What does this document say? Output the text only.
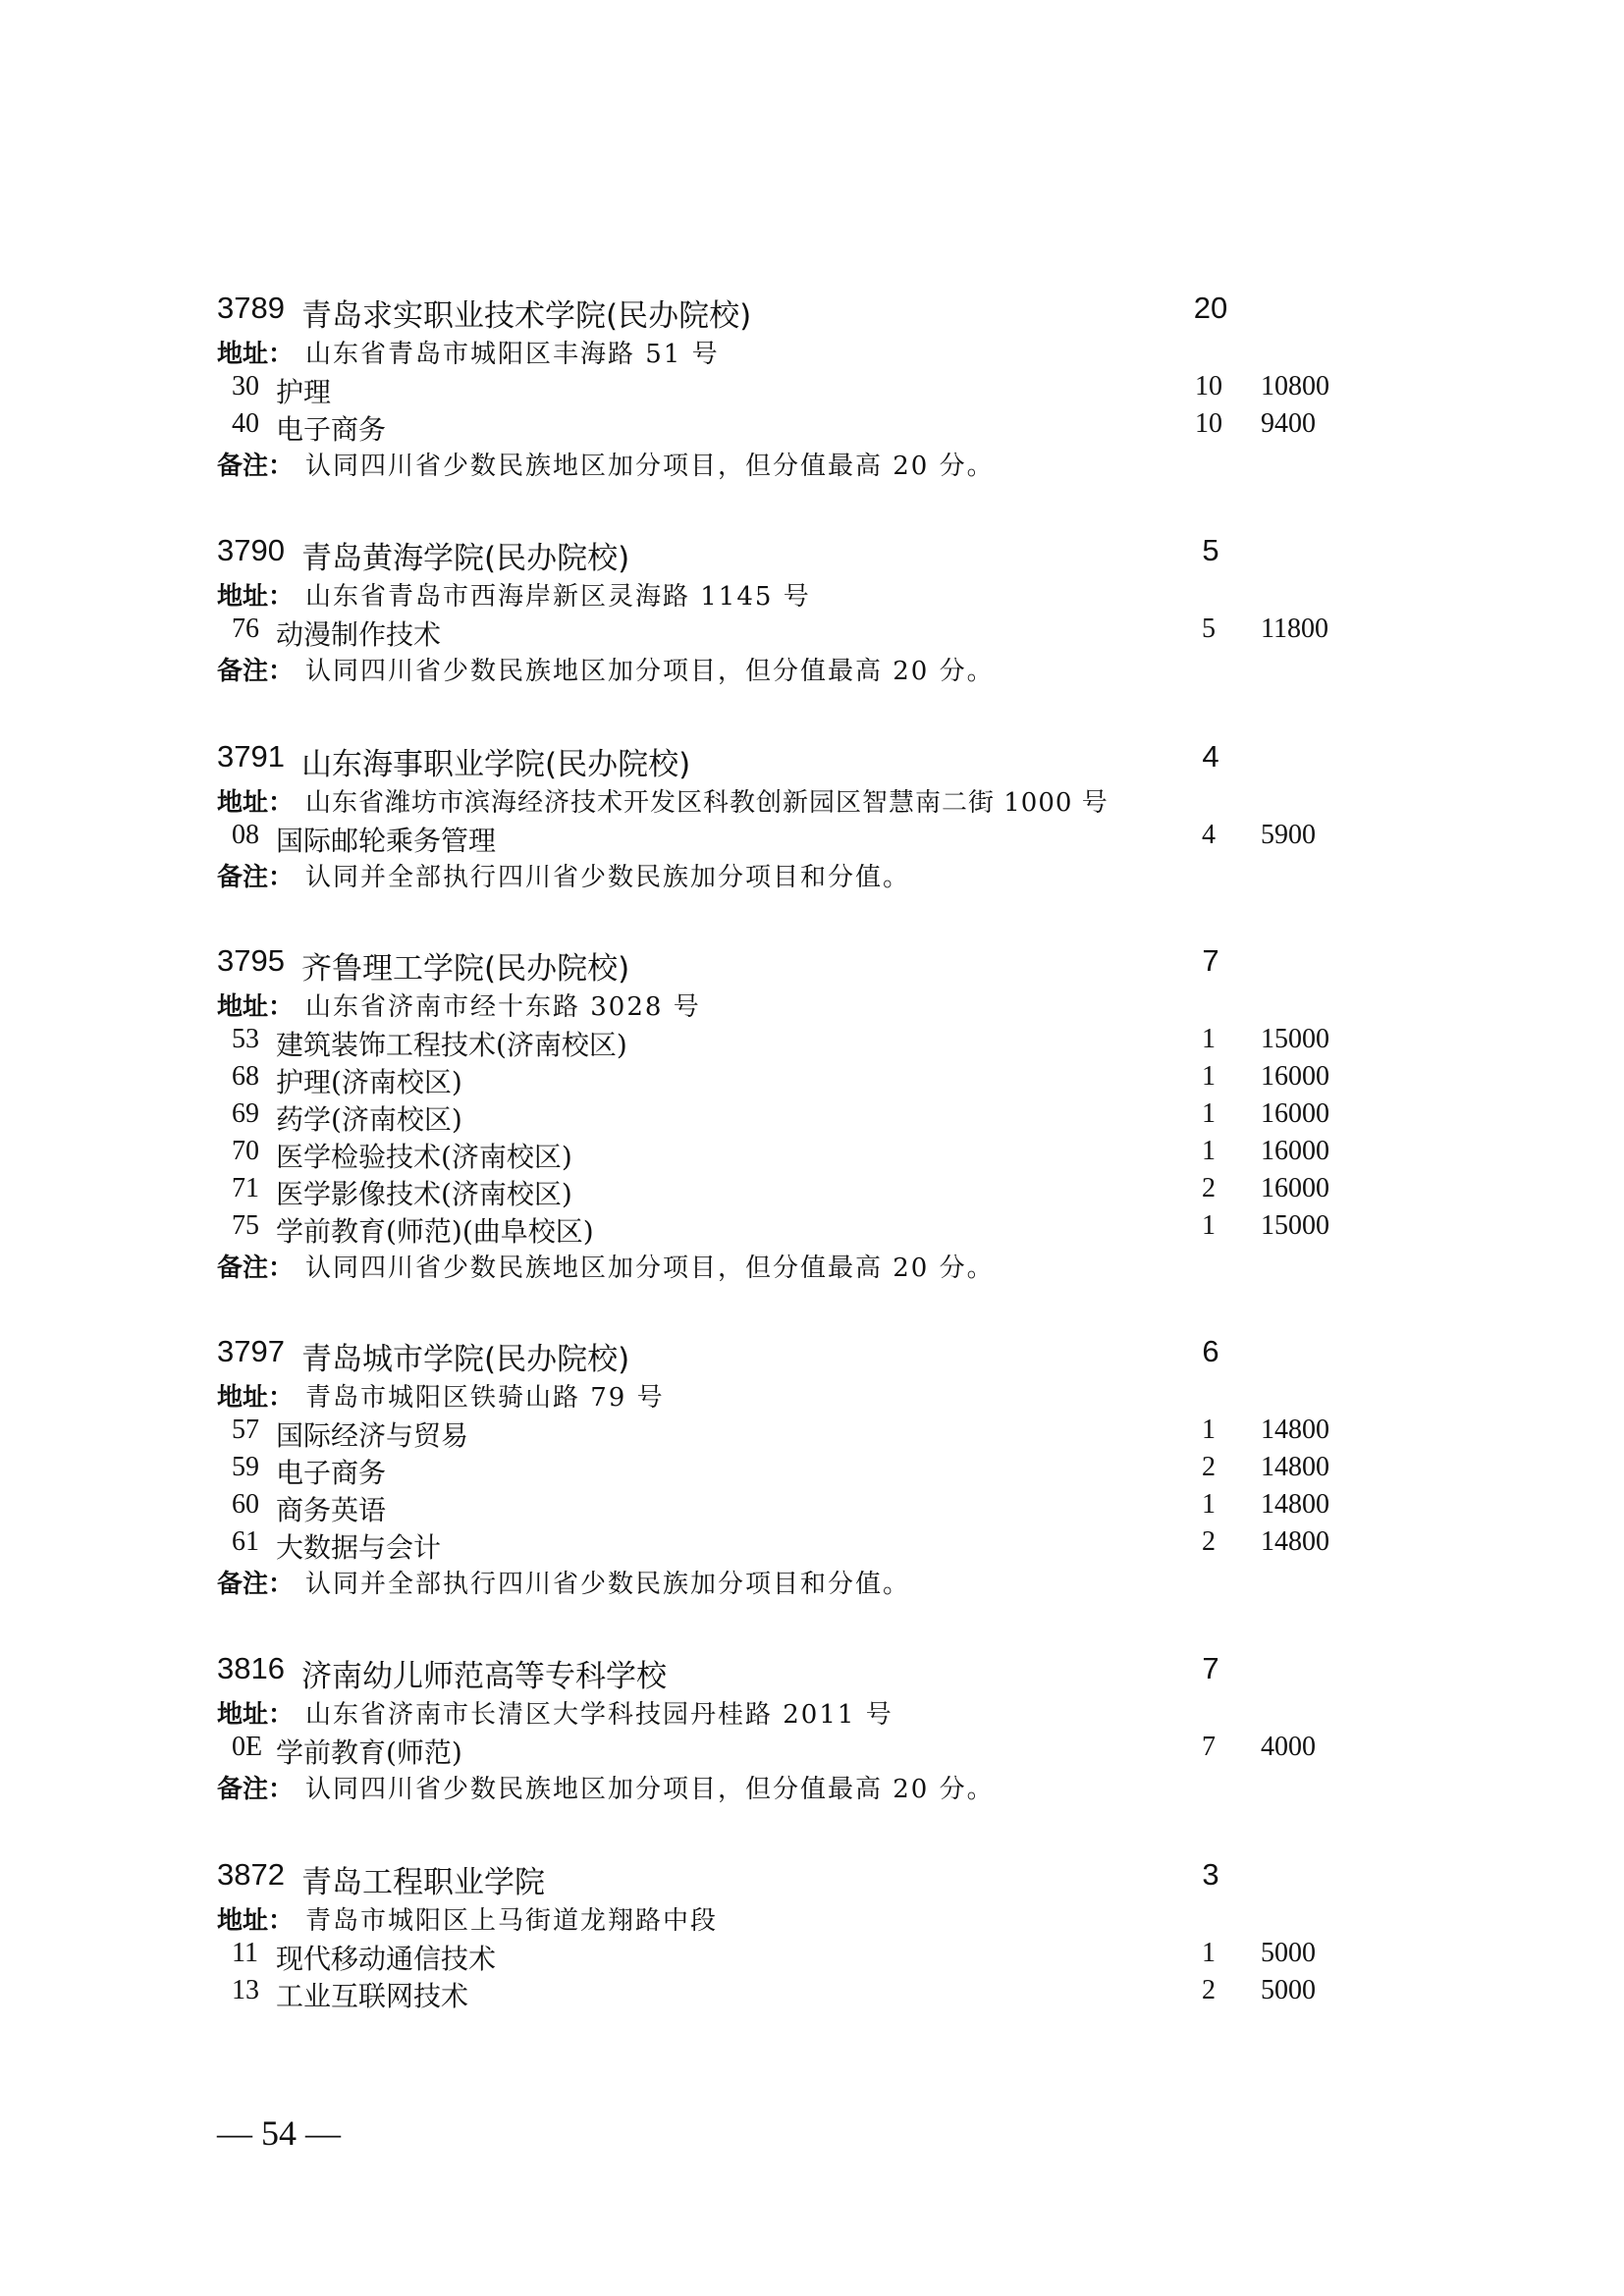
3789 青岛求实职业技术学院(民办院校)	20
地址： 山东省青岛市城阳区丰海路 51 号
30 护理	10	10800
40 电子商务	10	9400
备注： 认同四川省少数民族地区加分项目，但分值最高 20 分。
3790 青岛黄海学院(民办院校)	5
地址： 山东省青岛市西海岸新区灵海路 1145 号
76 动漫制作技术	5	11800
备注： 认同四川省少数民族地区加分项目，但分值最高 20 分。
3791 山东海事职业学院(民办院校)	4
地址： 山东省潍坊市滨海经济技术开发区科教创新园区智慧南二街 1000 号
08 国际邮轮乘务管理	4	5900
备注： 认同并全部执行四川省少数民族加分项目和分值。
3795 齐鲁理工学院(民办院校)	7
地址： 山东省济南市经十东路 3028 号
53 建筑装饰工程技术(济南校区)	1	15000
68 护理(济南校区)	1	16000
69 药学(济南校区)	1	16000
70 医学检验技术(济南校区)	1	16000
71 医学影像技术(济南校区)	2	16000
75 学前教育(师范)(曲阜校区)	1	15000
备注： 认同四川省少数民族地区加分项目，但分值最高 20 分。
3797 青岛城市学院(民办院校)	6
地址： 青岛市城阳区铁骑山路 79 号
57 国际经济与贸易	1	14800
59 电子商务	2	14800
60 商务英语	1	14800
61 大数据与会计	2	14800
备注： 认同并全部执行四川省少数民族加分项目和分值。
3816 济南幼儿师范高等专科学校	7
地址： 山东省济南市长清区大学科技园丹桂路 2011 号
0E 学前教育(师范)	7	4000
备注： 认同四川省少数民族地区加分项目，但分值最高 20 分。
3872 青岛工程职业学院	3
地址： 青岛市城阳区上马街道龙翔路中段
11 现代移动通信技术	1	5000
13 工业互联网技术	2	5000
— 54 —
